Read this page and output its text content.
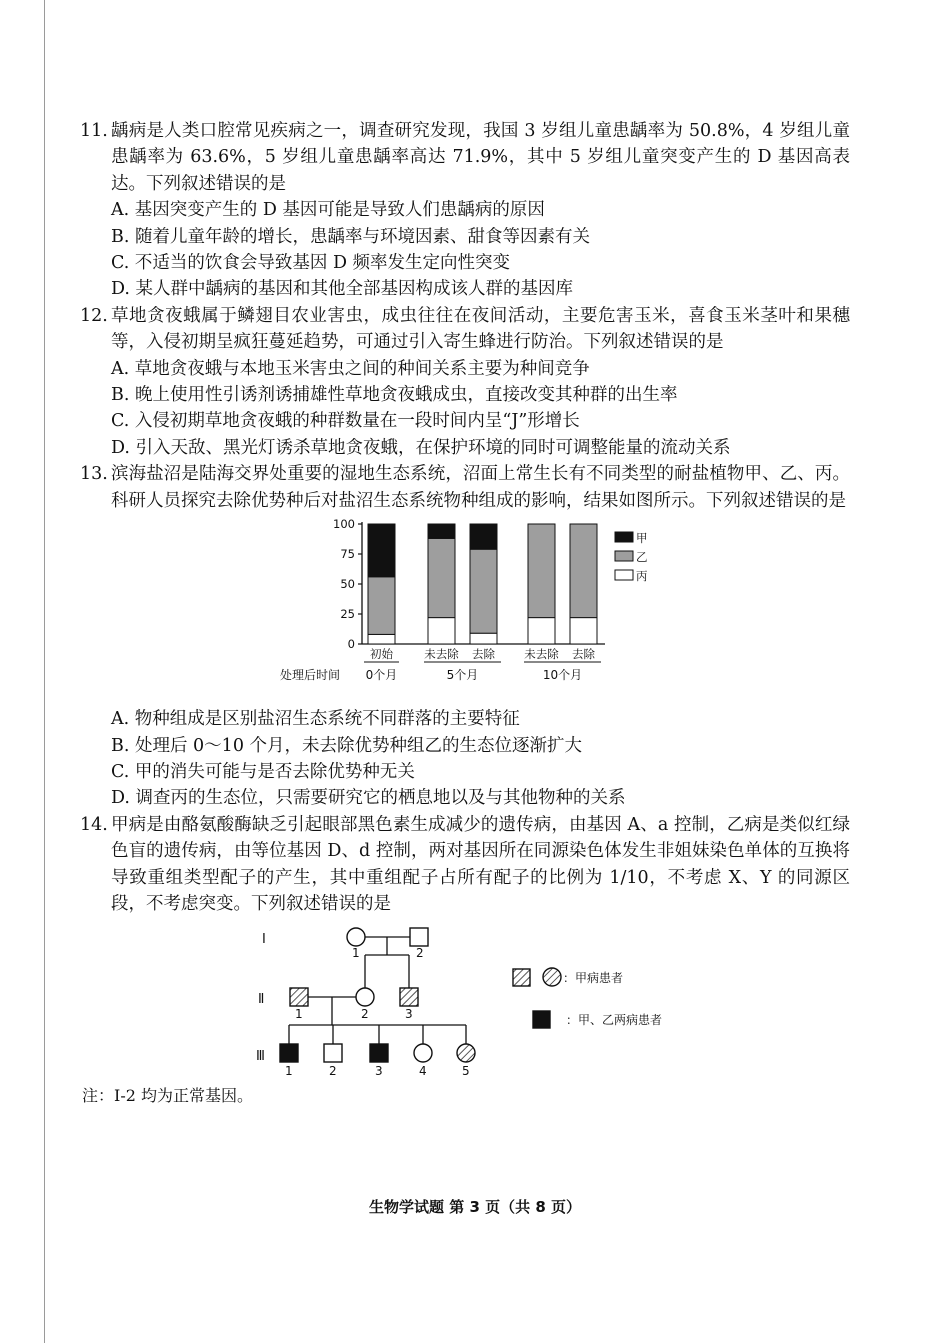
11. 龋病是人类口腔常见疾病之一，调查研究发现，我国 3 岁组儿童患龋率为 50.8%，4 岁组儿童患龋率为 63.6%，5 岁组儿童患龋率高达 71.9%，其中 5 岁组儿童突变产生的 D 基因高表达。下列叙述错误的是
A. 基因突变产生的 D 基因可能是导致人们患龋病的原因
B. 随着儿童年龄的增长，患龋率与环境因素、甜食等因素有关
C. 不适当的饮食会导致基因 D 频率发生定向性突变
D. 某人群中龋病的基因和其他全部基因构成该人群的基因库
12. 草地贪夜蛾属于鳞翅目农业害虫，成虫往往在夜间活动，主要危害玉米，喜食玉米茎叶和果穗等，入侵初期呈疯狂蔓延趋势，可通过引入寄生蜂进行防治。下列叙述错误的是
A. 草地贪夜蛾与本地玉米害虫之间的种间关系主要为种间竞争
B. 晚上使用性引诱剂诱捕雄性草地贪夜蛾成虫，直接改变其种群的出生率
C. 入侵初期草地贪夜蛾的种群数量在一段时间内呈“J”形增长
D. 引入天敌、黑光灯诱杀草地贪夜蛾，在保护环境的同时可调整能量的流动关系
13. 滨海盐沼是陆海交界处重要的湿地生态系统，沼面上常生长有不同类型的耐盐植物甲、乙、丙。科研人员探究去除优势种后对盐沼生态系统物种组成的影响，结果如图所示。下列叙述错误的是
0
25
50
75
100
初始	未去除 去除	未去除 去除
0个月	5个月	10个月
处理后时间
甲
乙
丙
A. 物种组成是区别盐沼生态系统不同群落的主要特征
B. 处理后 0～10 个月，未去除优势种组乙的生态位逐渐扩大
C. 甲的消失可能与是否去除优势种无关
D. 调查丙的生态位，只需要研究它的栖息地以及与其他物种的关系
14. 甲病是由酪氨酸酶缺乏引起眼部黑色素生成减少的遗传病，由基因 A、a 控制，乙病是类似红绿色盲的遗传病，由等位基因 D、d 控制，两对基因所在同源染色体发生非姐妹染色单体的互换将导致重组类型配子的产生，其中重组配子占所有配子的比例为 1/10，不考虑 X、Y 的同源区段，不考虑突变。下列叙述错误的是
Ⅰ
Ⅱ
Ⅲ
1	2
1	2	3
1	2	3	4	5
：甲病患者
：甲、乙两病患者
注：Ⅰ-2 均为正常基因。
生物学试题 第 3 页（共 8 页）
